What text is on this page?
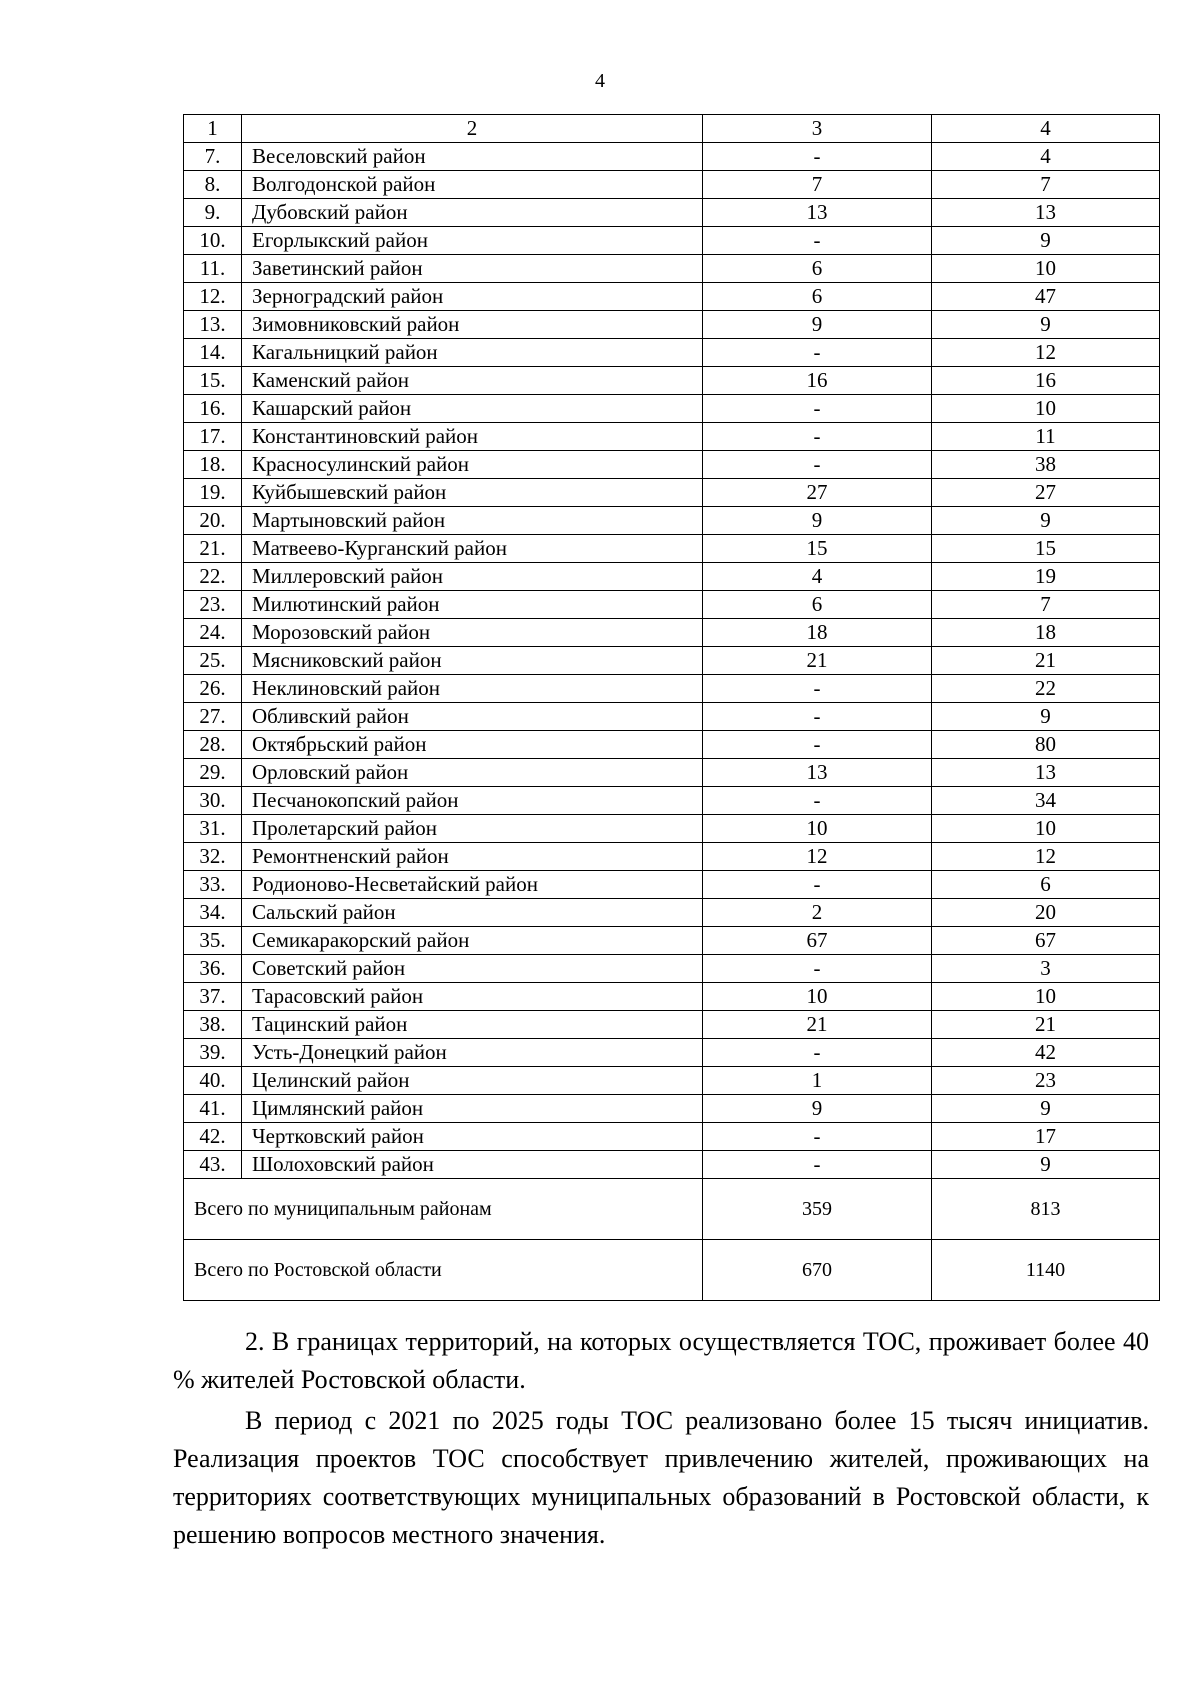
4
1	2	3	4
7.	Веселовский район	-	4
8.	Волгодонской район	7	7
9.	Дубовский район	13	13
10.	Егорлыкский район	-	9
11.	Заветинский район	6	10
12.	Зерноградский район	6	47
13.	Зимовниковский район	9	9
14.	Кагальницкий район	-	12
15.	Каменский район	16	16
16.	Кашарский район	-	10
17.	Константиновский район	-	11
18.	Красносулинский район	-	38
19.	Куйбышевский район	27	27
20.	Мартыновский район	9	9
21.	Матвеево-Курганский район	15	15
22.	Миллеровский район	4	19
23.	Милютинский район	6	7
24.	Морозовский район	18	18
25.	Мясниковский район	21	21
26.	Неклиновский район	-	22
27.	Обливский район	-	9
28.	Октябрьский район	-	80
29.	Орловский район	13	13
30.	Песчанокопский район	-	34
31.	Пролетарский район	10	10
32.	Ремонтненский район	12	12
33.	Родионово-Несветайский район	-	6
34.	Сальский район	2	20
35.	Семикаракорский район	67	67
36.	Советский район	-	3
37.	Тарасовский район	10	10
38.	Тацинский район	21	21
39.	Усть-Донецкий район	-	42
40.	Целинский район	1	23
41.	Цимлянский район	9	9
42.	Чертковский район	-	17
43.	Шолоховский район	-	9
Всего по муниципальным районам		359	813
Всего по Ростовской области		670	1140

2. В границах территорий, на которых осуществляется ТОС, проживает более 40 % жителей Ростовской области.

В период с 2021 по 2025 годы ТОС реализовано более 15 тысяч инициатив. Реализация проектов ТОС способствует привлечению жителей, проживающих на территориях соответствующих муниципальных образований в Ростовской области, к решению вопросов местного значения.
